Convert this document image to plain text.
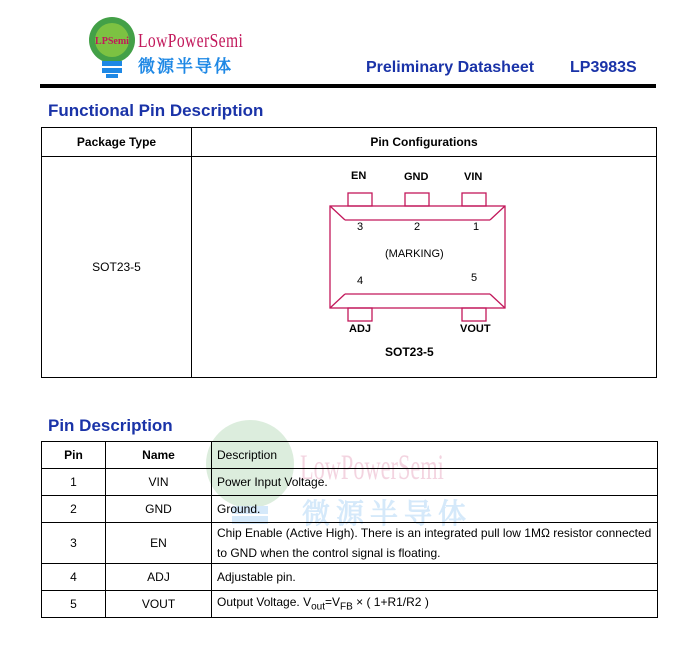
LPSemi LowPowerSemi
微源半导体	Preliminary Datasheet LP3983S
Functional Pin Description
Package Type	Pin Configurations
SOT23-5
EN	GND	VIN
3	2	1
(MARKING)
4	5
ADJ	VOUT
SOT23-5
Pin Description
LowPowerSemi
微源半导体
Pin	Name	Description
1	VIN	Power Input Voltage.
2	GND	Ground.
3	EN	Chip Enable (Active High). There is an integrated pull low 1MΩ resistor connected to GND when the control signal is floating.
4	ADJ	Adjustable pin.
5	VOUT	Output Voltage. $V_{out}=V_{FB}$ × ( 1+R1/R2 )
